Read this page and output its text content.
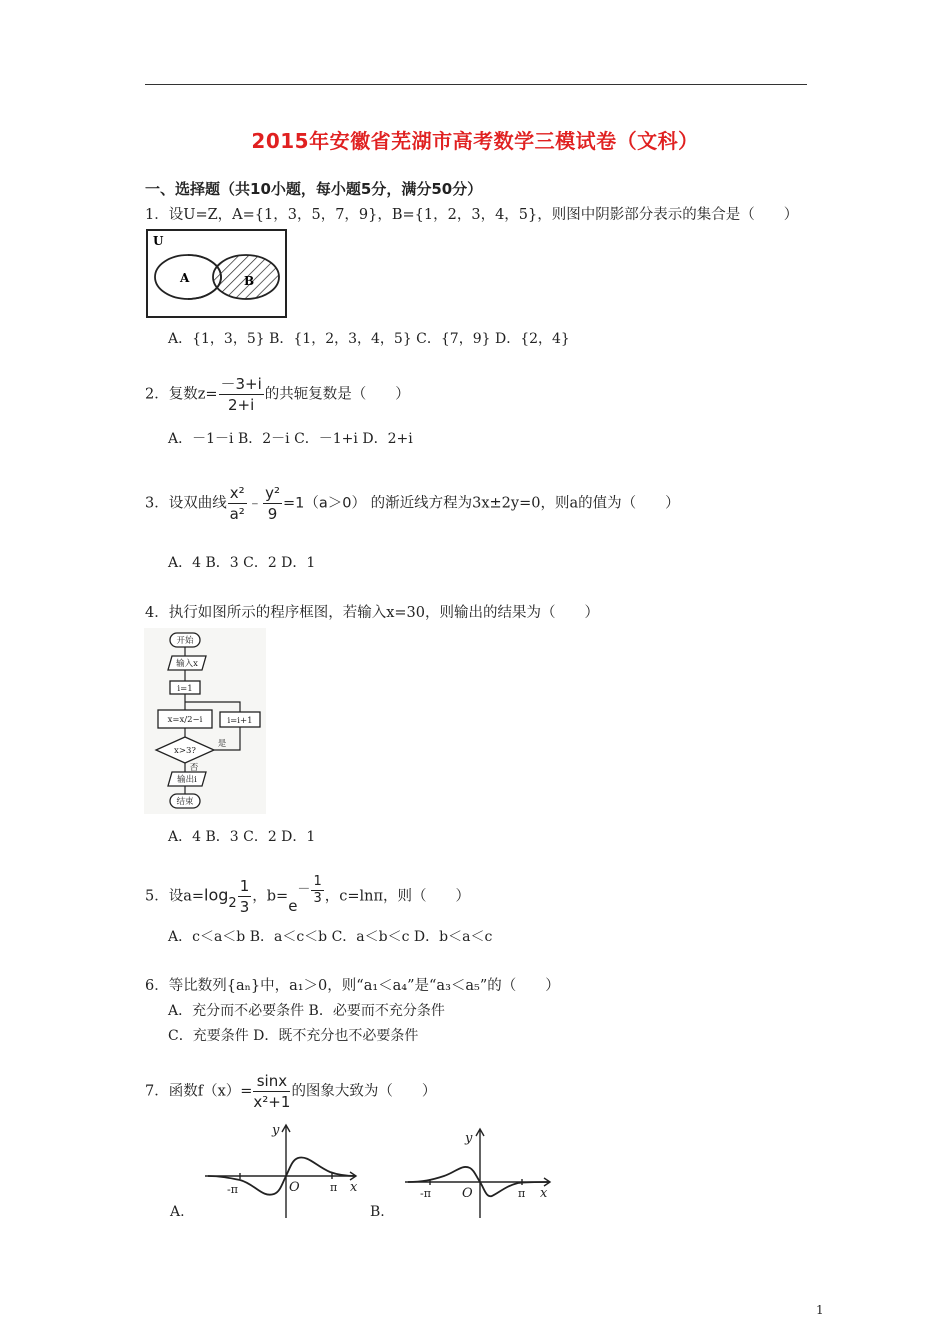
2015年安徽省芜湖市高考数学三模试卷（文科）
一、选择题（共10小题，每小题5分，满分50分）
1．设U=Z，A={1，3，5，7，9}，B={1，2，3，4，5}，则图中阴影部分表示的集合是（　　）
U
A	B
A．{1，3，5} B．{1，2，3，4，5} C．{7，9} D．{2，4}
2．复数$z= \frac{-3+i}{2+i}$ 的共轭复数是（　　）
A．－1－i B．2－i C．－1+i D．2+i
3．设双曲线 $\frac{\text{x²}}{\text{a²}}$ ﹣ $\frac{\text{y²}}{9} =1(a>0)$ 的渐近线方程为3x±2y=0，则a的值为（　　）
A．4 B．3 C．2 D．1
4．执行如图所示的程序框图，若输入x=30，则输出的结果为（　　）
开始
输入x
i=1
x=x/2−i	i=i+1
x>3?
是
否
输出i
结束
A．4 B．3 C．2 D．1
5．设$a=\log 2 \frac{1}{3}$ ，$b=e- \frac{1}{3}$ ，c=lnπ，则（　　）
A．c＜a＜b B．a＜c＜b C．a＜b＜c D．b＜a＜c
6．等比数列{aₙ}中，a₁＞0，则“a₁＜a₄”是“a₃＜a₅”的（　　）
A．充分而不必要条件 B．必要而不充分条件
C．充要条件 D．既不充分也不必要条件
7．函数$f(x)= \frac{\sin x}{\text{x²+1}}$ 的图象大致为（　　）
A.
y
x
O
-π	π
B.
y
x
O
-π	π
1
